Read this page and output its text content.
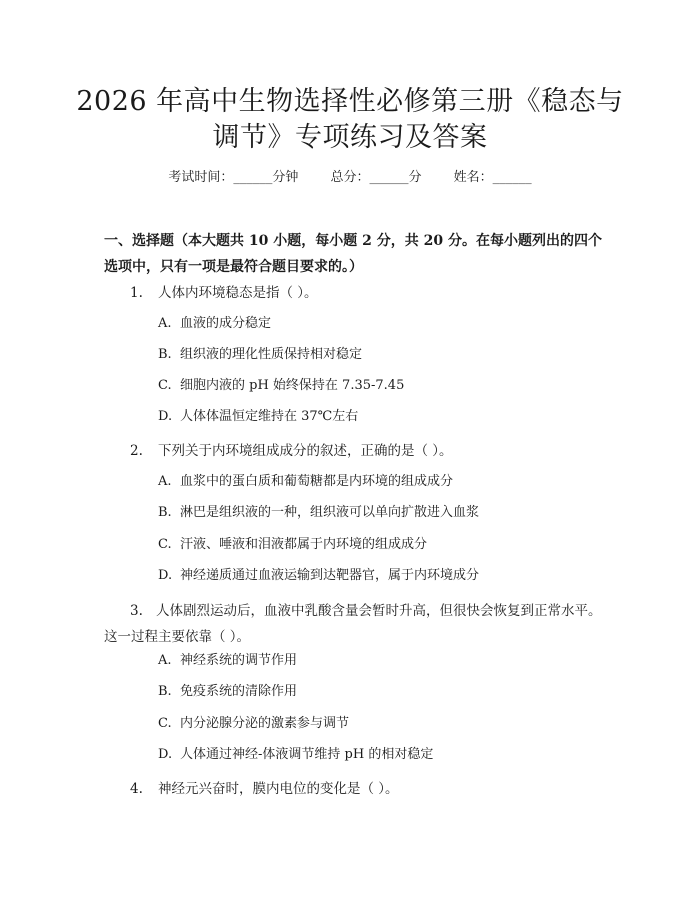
2026 年高中生物选择性必修第三册《稳态与
调节》专项练习及答案
考试时间：______分钟 总分：______分 姓名：______

一、选择题（本大题共 10 小题，每小题 2 分，共 20 分。在每小题列出的四个选项中，只有一项是最符合题目要求的。）

1. 人体内环境稳态是指（ ）。

A. 血液的成分稳定

B. 组织液的理化性质保持相对稳定

C. 细胞内液的 pH 始终保持在 7.35-7.45

D. 人体体温恒定维持在 37℃左右

2. 下列关于内环境组成成分的叙述，正确的是（ ）。

A. 血浆中的蛋白质和葡萄糖都是内环境的组成成分

B. 淋巴是组织液的一种，组织液可以单向扩散进入血浆

C. 汗液、唾液和泪液都属于内环境的组成成分

D. 神经递质通过血液运输到达靶器官，属于内环境成分

3. 人体剧烈运动后，血液中乳酸含量会暂时升高，但很快会恢复到正常水平。这一过程主要依靠（ ）。

A. 神经系统的调节作用

B. 免疫系统的清除作用

C. 内分泌腺分泌的激素参与调节

D. 人体通过神经-体液调节维持 pH 的相对稳定

4. 神经元兴奋时，膜内电位的变化是（ ）。
